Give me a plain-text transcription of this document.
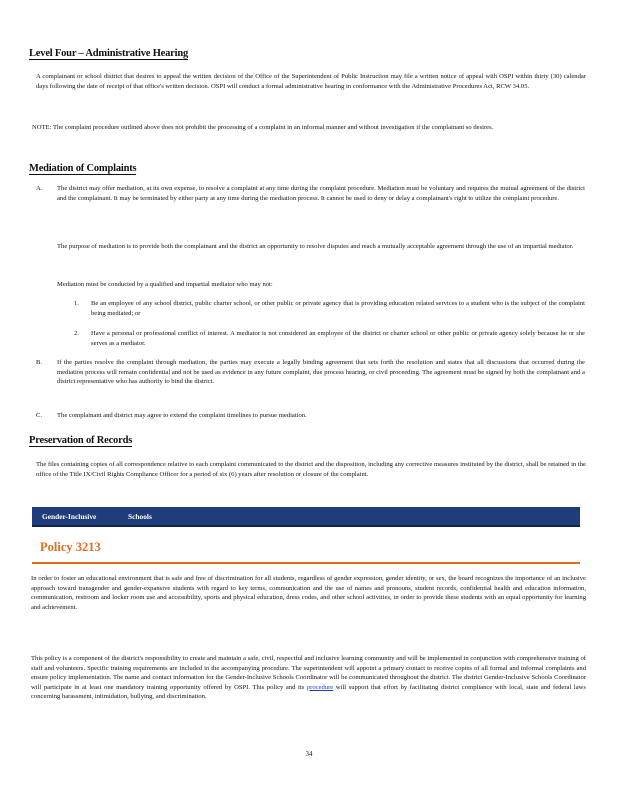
Level Four – Administrative Hearing

A complainant or school district that desires to appeal the written decision of the Office of the Superintendent of Public Instruction may file a written notice of appeal with OSPI within thirty (30) calendar days following the date of receipt of that office's written decision. OSPI will conduct a formal administrative hearing in conformance with the Administrative Procedures Act, RCW 34.05.

NOTE: The complaint procedure outlined above does not prohibit the processing of a complaint in an informal manner and without investigation if the complainant so desires.

Mediation of Complaints
A. The district may offer mediation, at its own expense, to resolve a complaint at any time during the complaint procedure. Mediation must be voluntary and requires the mutual agreement of the district and the complainant. It may be terminated by either party at any time during the mediation process. It cannot be used to deny or delay a complainant's right to utilize the complaint procedure.

The purpose of mediation is to provide both the complainant and the district an opportunity to resolve disputes and reach a mutually acceptable agreement through the use of an impartial mediator.

Mediation must be conducted by a qualified and impartial mediator who may not:

1. Be an employee of any school district, public charter school, or other public or private agency that is providing education related services to a student who is the subject of the complaint being mediated; or

2. Have a personal or professional conflict of interest. A mediator is not considered an employee of the district or charter school or other public or private agency solely because he or she serves as a mediator.

B. If the parties resolve the complaint through mediation, the parties may execute a legally binding agreement that sets forth the resolution and states that all discussions that occurred during the mediation process will remain confidential and not be used as evidence in any future complaint, due process hearing, or civil proceeding. The agreement must be signed by both the complainant and a district representative who has authority to bind the district.

C. The complainant and district may agree to extend the complaint timelines to pursue mediation.

Preservation of Records

The files containing copies of all correspondence relative to each complaint communicated to the district and the disposition, including any corrective measures instituted by the district, shall be retained in the office of the Title IX/Civil Rights Compliance Officer for a period of six (6) years after resolution or closure of the complaint.

Gender-Inclusive	Schools
Policy 3213

In order to foster an educational environment that is safe and free of discrimination for all students, regardless of gender expression, gender identity, or sex, the board recognizes the importance of an inclusive approach toward transgender and gender-expansive students with regard to key terms, communication and the use of names and pronouns, student records, confidential health and education information, communication, restroom and locker room use and accessibility, sports and physical education, dress codes, and other school activities, in order to provide these students with an equal opportunity for learning and achievement.

This policy is a component of the district's responsibility to create and maintain a safe, civil, respectful and inclusive learning community and will be implemented in conjunction with comprehensive training of staff and volunteers. Specific training requirements are included in the accompanying procedure. The superintendent will appoint a primary contact to receive copies of all formal and informal complaints and ensure policy implementation. The name and contact information for the Gender-Inclusive Schools Coordinator will be communicated throughout the district. The district Gender-Inclusive Schools Coordinator will participate in at least one mandatory training opportunity offered by OSPI. This policy and its procedure will support that effort by facilitating district compliance with local, state and federal laws concerning harassment, intimidation, bullying, and discrimination.

34
